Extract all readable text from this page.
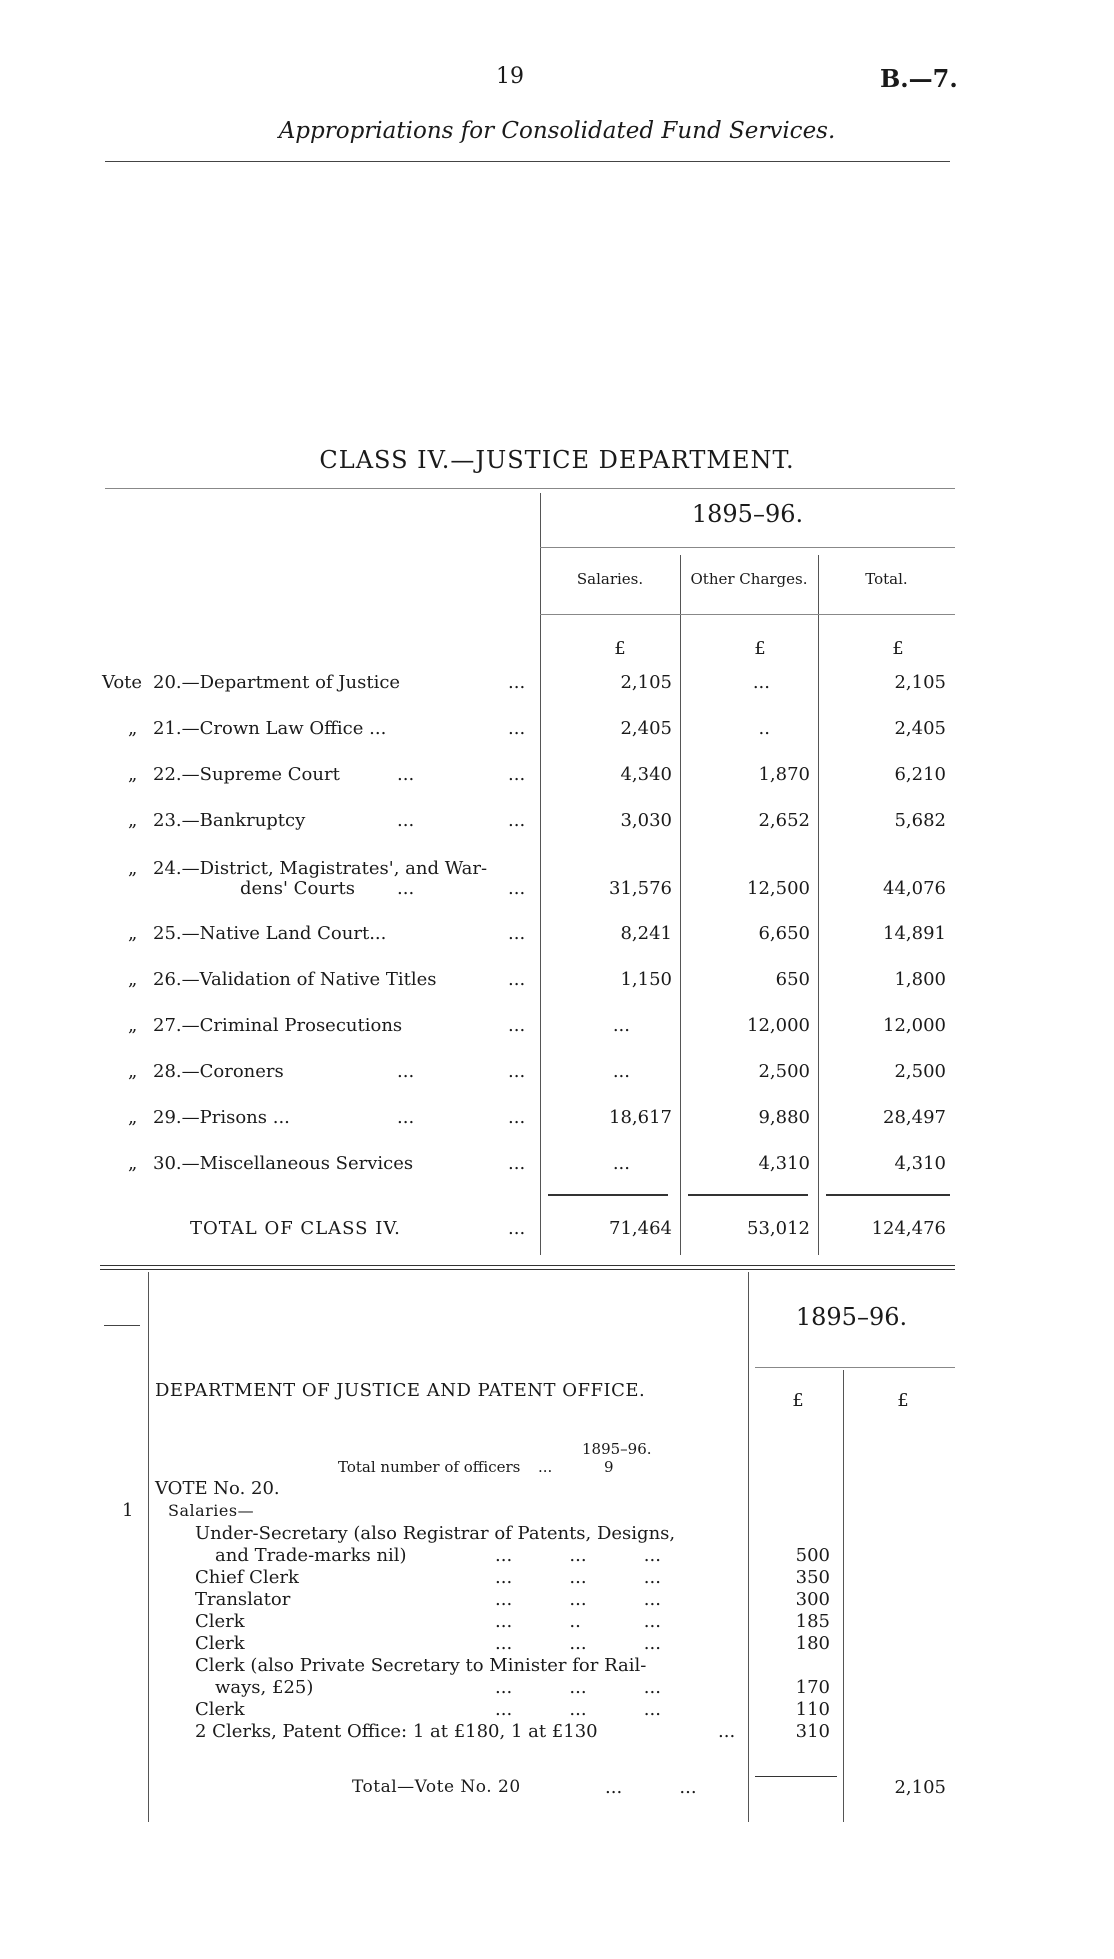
19	B.—7.
Appropriations for Consolidated Fund Services.
CLASS IV.—JUSTICE DEPARTMENT.
1895–96.
Salaries.	Other Charges.	Total.
£	£	£
Vote 20.—Department of Justice	...	2,105	...	2,105
„ 21.—Crown Law Office ...	...	2,405	..	2,405
„ 22.—Supreme Court	...	...	4,340	1,870	6,210
„ 23.—Bankruptcy	...	...	3,030	2,652	5,682
„ 24.—District, Magistrates', and War-
dens' Courts ...	...	31,576	12,500	44,076
„ 25.—Native Land Court...	...	8,241	6,650	14,891
„ 26.—Validation of Native Titles	...	1,150	650	1,800
„ 27.—Criminal Prosecutions	...	...	12,000	12,000
„ 28.—Coroners	...	...	...	2,500	2,500
„ 29.—Prisons ...	...	...	18,617	9,880	28,497
„ 30.—Miscellaneous Services	...	...	4,310	4,310
TOTAL OF CLASS IV.	...	71,464	53,012	124,476
1895–96.
DEPARTMENT OF JUSTICE AND PATENT OFFICE.	£	£
1895–96.
Total number of officers ...	9
VOTE No. 20.
1 Salaries—
Under-Secretary (also Registrar of Patents, Designs,
and Trade-marks nil)	...          ...          ...	500
Chief Clerk	...          ...          ...	350
Translator	...          ...          ...	300
Clerk	...          ..           ...	185
Clerk	...          ...          ...	180
Clerk (also Private Secretary to Minister for Rail-
ways, £25)	...          ...          ...	170
Clerk	...          ...          ...	110
2 Clerks, Patent Office: 1 at £180, 1 at £130	...	310
Total—Vote No. 20	...          ...	2,105
